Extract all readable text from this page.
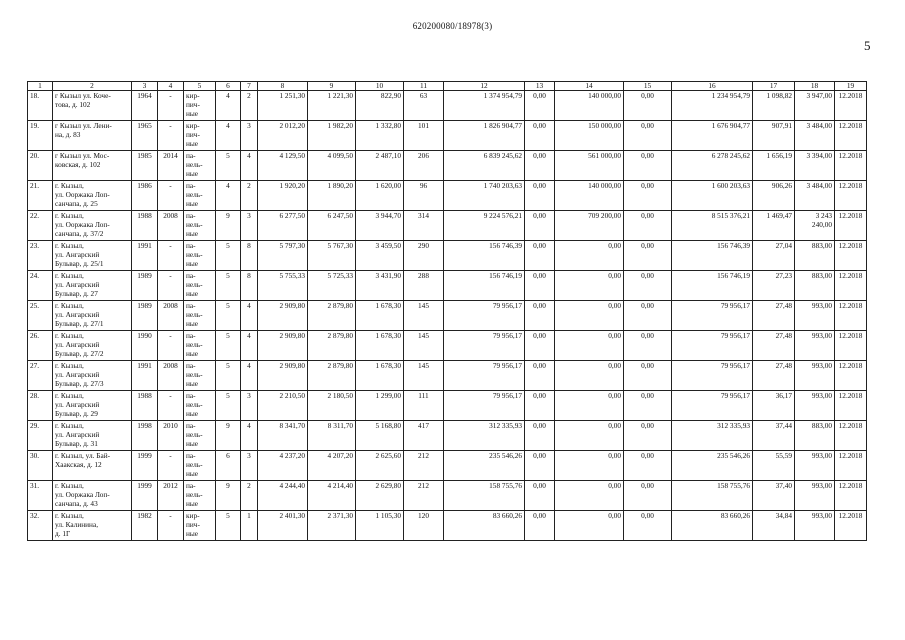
620200080/18978(3)
5
1	2	3	4	5	6	7	8	9	10	11	12	13	14	15	16	17	18	19
18.	г Кызыл ул. Коче-
това, д. 102	1964	-	кир-
пич-
ные	4	2	1 251,30	1 221,30	822,90	63	1 374 954,79	0,00	140 000,00	0,00	1 234 954,79	1 098,82	3 947,00	12.2018
19.	г Кызыл ул. Лени-
на, д. 83	1965	-	кир-
пич-
ные	4	3	2 012,20	1 982,20	1 332,80	101	1 826 904,77	0,00	150 000,00	0,00	1 676 904,77	907,91	3 484,00	12.2018
20.	г Кызыл ул. Мос-
ковская, д. 102	1985	2014	па-
нель-
ные	5	4	4 129,50	4 099,50	2 487,10	206	6 839 245,62	0,00	561 000,00	0,00	6 278 245,62	1 656,19	3 394,00	12.2018
21.	г. Кызыл,
ул. Ооржака Лоп-
санчапа, д. 25	1986	-	па-
нель-
ные	4	2	1 920,20	1 890,20	1 620,00	96	1 740 203,63	0,00	140 000,00	0,00	1 600 203,63	906,26	3 484,00	12.2018
22.	г. Кызыл,
ул. Ооржака Лоп-
санчапа, д. 37/2	1988	2008	па-
нель-
ные	9	3	6 277,50	6 247,50	3 944,70	314	9 224 576,21	0,00	709 200,00	0,00	8 515 376,21	1 469,47	3 243
240,00	12.2018
23.	г. Кызыл,
ул. Ангарский
Бульвар, д. 25/1	1991	-	па-
нель-
ные	5	8	5 797,30	5 767,30	3 459,50	290	156 746,39	0,00	0,00	0,00	156 746,39	27,04	883,00	12.2018
24.	г. Кызыл,
ул. Ангарский
Бульвар, д. 27	1989	-	па-
нель-
ные	5	8	5 755,33	5 725,33	3 431,90	288	156 746,19	0,00	0,00	0,00	156 746,19	27,23	883,00	12.2018
25.	г. Кызыл,
ул. Ангарский
Бульвар, д. 27/1	1989	2008	па-
нель-
ные	5	4	2 909,80	2 879,80	1 678,30	145	79 956,17	0,00	0,00	0,00	79 956,17	27,48	993,00	12.2018
26.	г. Кызыл,
ул. Ангарский
Бульвар, д. 27/2	1990	-	па-
нель-
ные	5	4	2 909,80	2 879,80	1 678,30	145	79 956,17	0,00	0,00	0,00	79 956,17	27,48	993,00	12.2018
27.	г. Кызыл,
ул. Ангарский
Бульвар, д. 27/3	1991	2008	па-
нель-
ные	5	4	2 909,80	2 879,80	1 678,30	145	79 956,17	0,00	0,00	0,00	79 956,17	27,48	993,00	12.2018
28.	г. Кызыл,
ул. Ангарский
Бульвар, д. 29	1988	-	па-
нель-
ные	5	3	2 210,50	2 180,50	1 299,00	111	79 956,17	0,00	0,00	0,00	79 956,17	36,17	993,00	12.2018
29.	г. Кызыл,
ул. Ангарский
Бульвар, д. 31	1998	2010	па-
нель-
ные	9	4	8 341,70	8 311,70	5 168,80	417	312 335,93	0,00	0,00	0,00	312 335,93	37,44	883,00	12.2018
30.	г. Кызыл, ул. Бай-
Хаакская, д. 12	1999	-	па-
нель-
ные	6	3	4 237,20	4 207,20	2 625,60	212	235 546,26	0,00	0,00	0,00	235 546,26	55,59	993,00	12.2018
31.	г. Кызыл,
ул. Ооржака Лоп-
санчапа, д. 43	1999	2012	па-
нель-
ные	9	2	4 244,40	4 214,40	2 629,80	212	158 755,76	0,00	0,00	0,00	158 755,76	37,40	993,00	12.2018
32.	г. Кызыл,
ул. Калинина,
д. 1Г	1982	-	кир-
пич-
ные	5	1	2 401,30	2 371,30	1 105,30	120	83 660,26	0,00	0,00	0,00	83 660,26	34,84	993,00	12.2018
